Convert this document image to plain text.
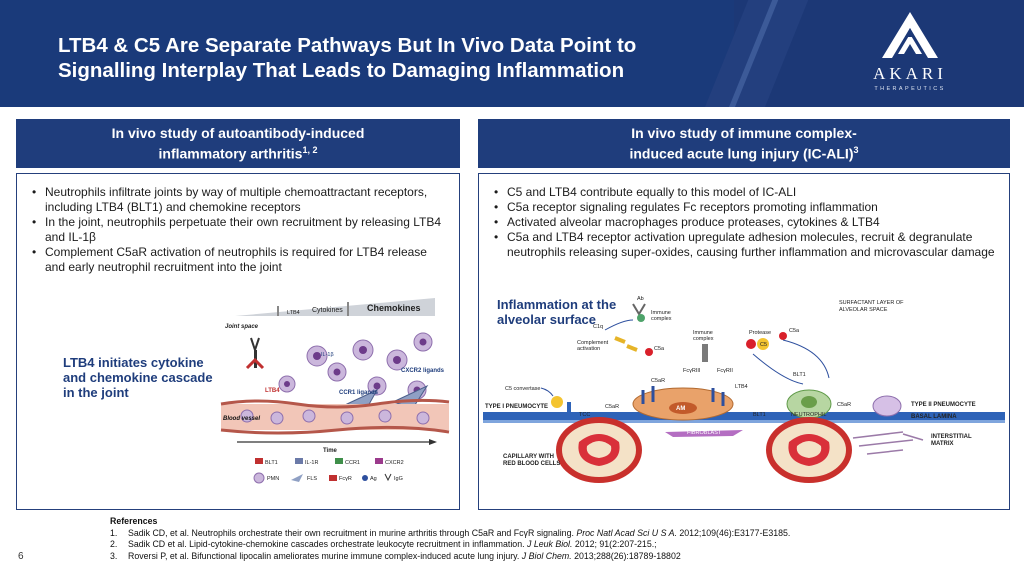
LTB4 & C5 Are Separate Pathways But In Vivo Data Point to
Signalling Interplay That Leads to Damaging Inflammation	AKARI
THERAPEUTICS
In vivo study of autoantibody-induced
inflammatory arthritis$^{1, 2}$
In vivo study of immune complex-
induced acute lung injury $(IC-ALI)^3$
• Neutrophils infiltrate joints by way of multiple chemoattractant receptors, including LTB4 (BLT1) and chemokine receptors
• In the joint, neutrophils perpetuate their own recruitment by releasing LTB4 and IL-1β
• Complement C5aR activation of neutrophils is required for LTB4 release and early neutrophil recruitment into the joint
LTB4 initiates cytokine and chemokine cascade in the joint
LTB4 Cytokines	Chemokines
Joint space
IL-1β
CXCR2 ligands
CCR1 ligands
LTB4
Blood vessel
Time
BLT1	IL-1R	CCR1	CXCR2
PMN	FLS	FcγR	Ag	IgG
• C5 and LTB4 contribute equally to this model of IC-ALI
• C5a receptor signaling regulates Fc receptors promoting inflammation
• Activated alveolar macrophages produce proteases, cytokines & LTB4
• C5a and LTB4 receptor activation upregulate adhesion molecules, recruit & degranulate neutrophils releasing super-oxides, causing further inflammation and microvascular damage
SURFACTANT LAYER OF
ALVEOLAR SPACE
Ab
Immune
complex
C1q
Complement
activation	C5a
Immune
complex
Protease
C5
C5a
FcγRIII	FcγRII
C5aR
LTB4
BLT1
C5 convertase
TYPE I PNEUMOCYTE
TCC
C5aR	AM
BLT1	NEUTROPHIL
C5aR	TYPE II PNEUMOCYTE
BASAL LAMINA
FIBROBLAST
INTERSTITIAL
MATRIX
CAPILLARY WITH
RED BLOOD CELLS
Inflammation at the alveolar surface
References
1. Sadik CD, et al. Neutrophils orchestrate their own recruitment in murine arthritis through C5aR and FcγR signaling. Proc Natl Acad Sci U S A. 2012;109(46):E3177-E3185.
2. Sadik CD et al. Lipid-cytokine-chemokine cascades orchestrate leukocyte recruitment in inflammation. J Leuk Biol. 2012; 91(2:207-215.;
3. Roversi P, et al. Bifunctional lipocalin ameliorates murine immune complex-induced acute lung injury. J Biol Chem. 2013;288(26):18789-18802
6
